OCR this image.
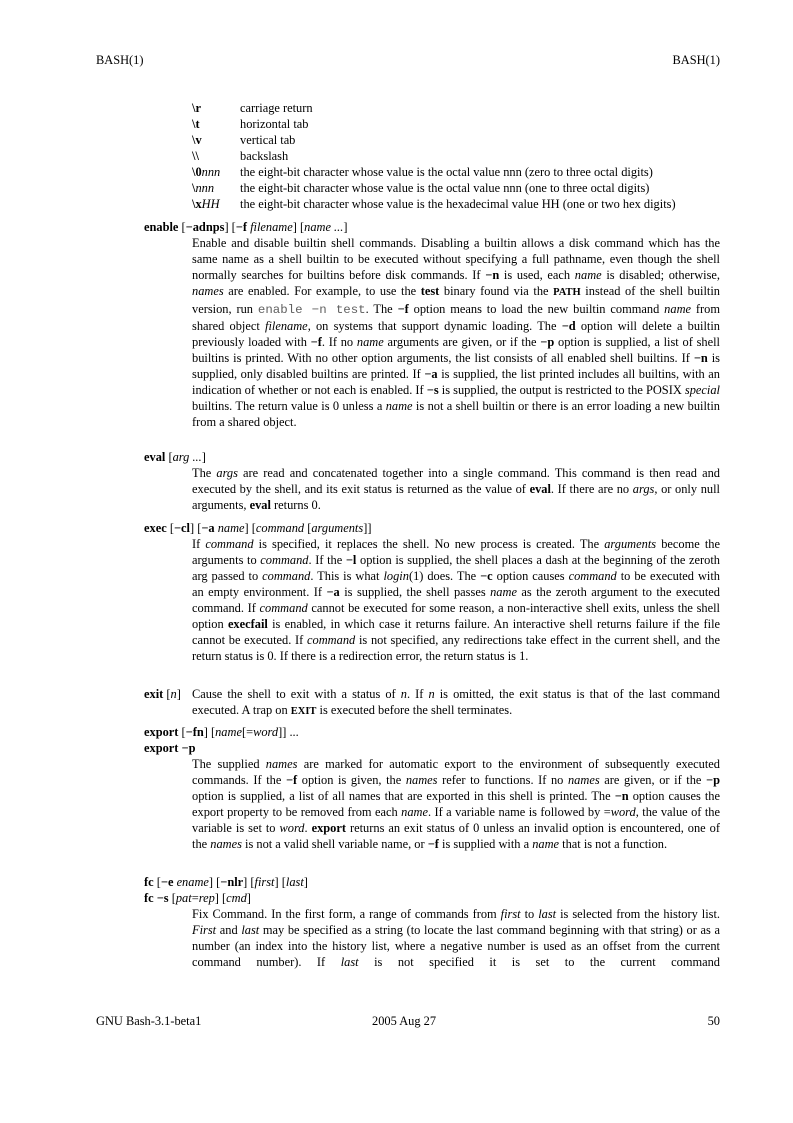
BASH(1)	BASH(1)
\r	carriage return
\t	horizontal tab
\v	vertical tab
\\	backslash
\0nnn	the eight-bit character whose value is the octal value nnn (zero to three octal digits)
\nnn	the eight-bit character whose value is the octal value nnn (one to three octal digits)
\xHH	the eight-bit character whose value is the hexadecimal value HH (one or two hex digits)
enable [−adnps] [−f filename] [name ...]

Enable and disable builtin shell commands. Disabling a builtin allows a disk command which has the same name as a shell builtin to be executed without specifying a full pathname, even though the shell normally searches for builtins before disk commands. If −n is used, each name is disabled; otherwise, names are enabled. For example, to use the test binary found via the PATH instead of the shell builtin version, run enable −n test. The −f option means to load the new builtin command name from shared object filename, on systems that support dynamic loading. The −d option will delete a builtin previously loaded with −f. If no name arguments are given, or if the −p option is supplied, a list of shell builtins is printed. With no other option arguments, the list consists of all enabled shell builtins. If −n is supplied, only disabled builtins are printed. If −a is supplied, the list printed includes all builtins, with an indication of whether or not each is enabled. If −s is supplied, the output is restricted to the POSIX special builtins. The return value is 0 unless a name is not a shell builtin or there is an error loading a new builtin from a shared object.

eval [arg ...]

The args are read and concatenated together into a single command. This command is then read and executed by the shell, and its exit status is returned as the value of eval. If there are no args, or only null arguments, eval returns 0.

exec [−cl] [−a name] [command [arguments]]

If command is specified, it replaces the shell. No new process is created. The arguments become the arguments to command. If the −l option is supplied, the shell places a dash at the beginning of the zeroth arg passed to command. This is what login(1) does. The −c option causes command to be executed with an empty environment. If −a is supplied, the shell passes name as the zeroth argument to the executed command. If command cannot be executed for some reason, a non-interactive shell exits, unless the shell option execfail is enabled, in which case it returns failure. An interactive shell returns failure if the file cannot be executed. If command is not specified, any redirections take effect in the current shell, and the return status is 0. If there is a redirection error, the return status is 1.

exit [n] Cause the shell to exit with a status of n. If n is omitted, the exit status is that of the last command executed. A trap on EXIT is executed before the shell terminates.
export [−fn] [name[=word]] ...
export −p

The supplied names are marked for automatic export to the environment of subsequently executed commands. If the −f option is given, the names refer to functions. If no names are given, or if the −p option is supplied, a list of all names that are exported in this shell is printed. The −n option causes the export property to be removed from each name. If a variable name is followed by =word, the value of the variable is set to word. export returns an exit status of 0 unless an invalid option is encountered, one of the names is not a valid shell variable name, or −f is supplied with a name that is not a function.

fc [−e ename] [−nlr] [first] [last]
fc −s [pat=rep] [cmd]

Fix Command. In the first form, a range of commands from first to last is selected from the history list. First and last may be specified as a string (to locate the last command beginning with that string) or as a number (an index into the history list, where a negative number is used as an offset from the current command number). If last is not specified it is set to the current command

GNU Bash-3.1-beta1	2005 Aug 27	50
